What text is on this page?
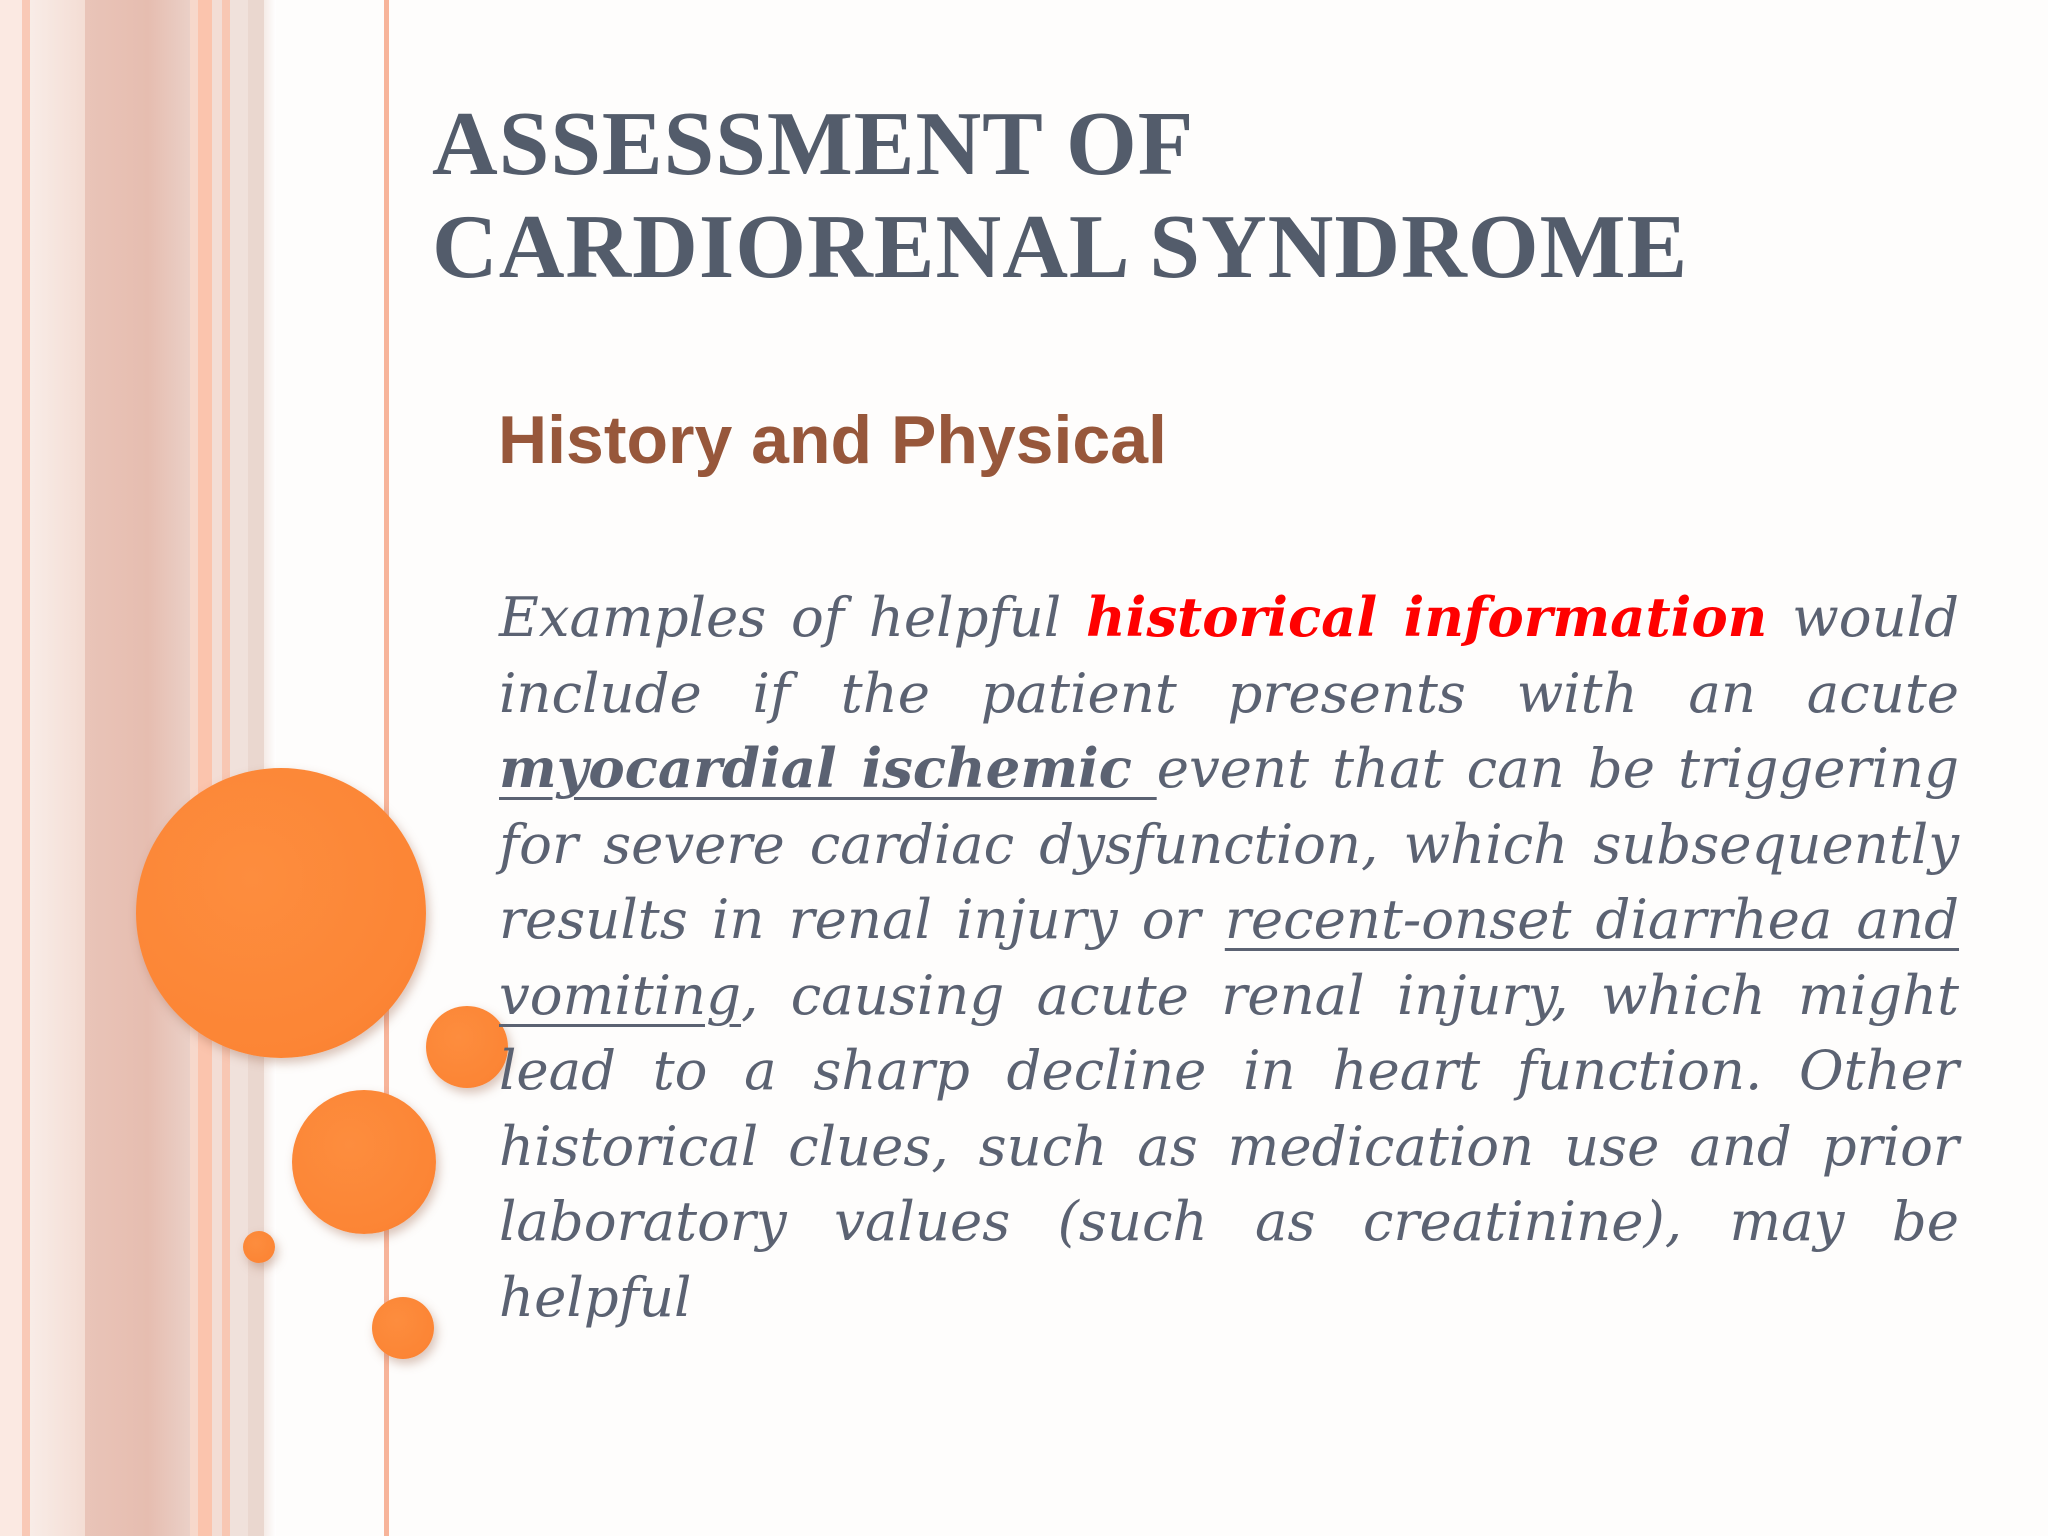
ASSESSMENT OF
CARDIORENAL SYNDROME
History and Physical

Examples of helpful historical information would include if the patient presents with an acute myocardial ischemic event that can be triggering for severe cardiac dysfunction, which subsequently results in renal injury or recent-onset diarrhea and vomiting, causing acute renal injury, which might lead to a sharp decline in heart function. Other historical clues, such as medication use and prior laboratory values (such as creatinine), may be helpful
